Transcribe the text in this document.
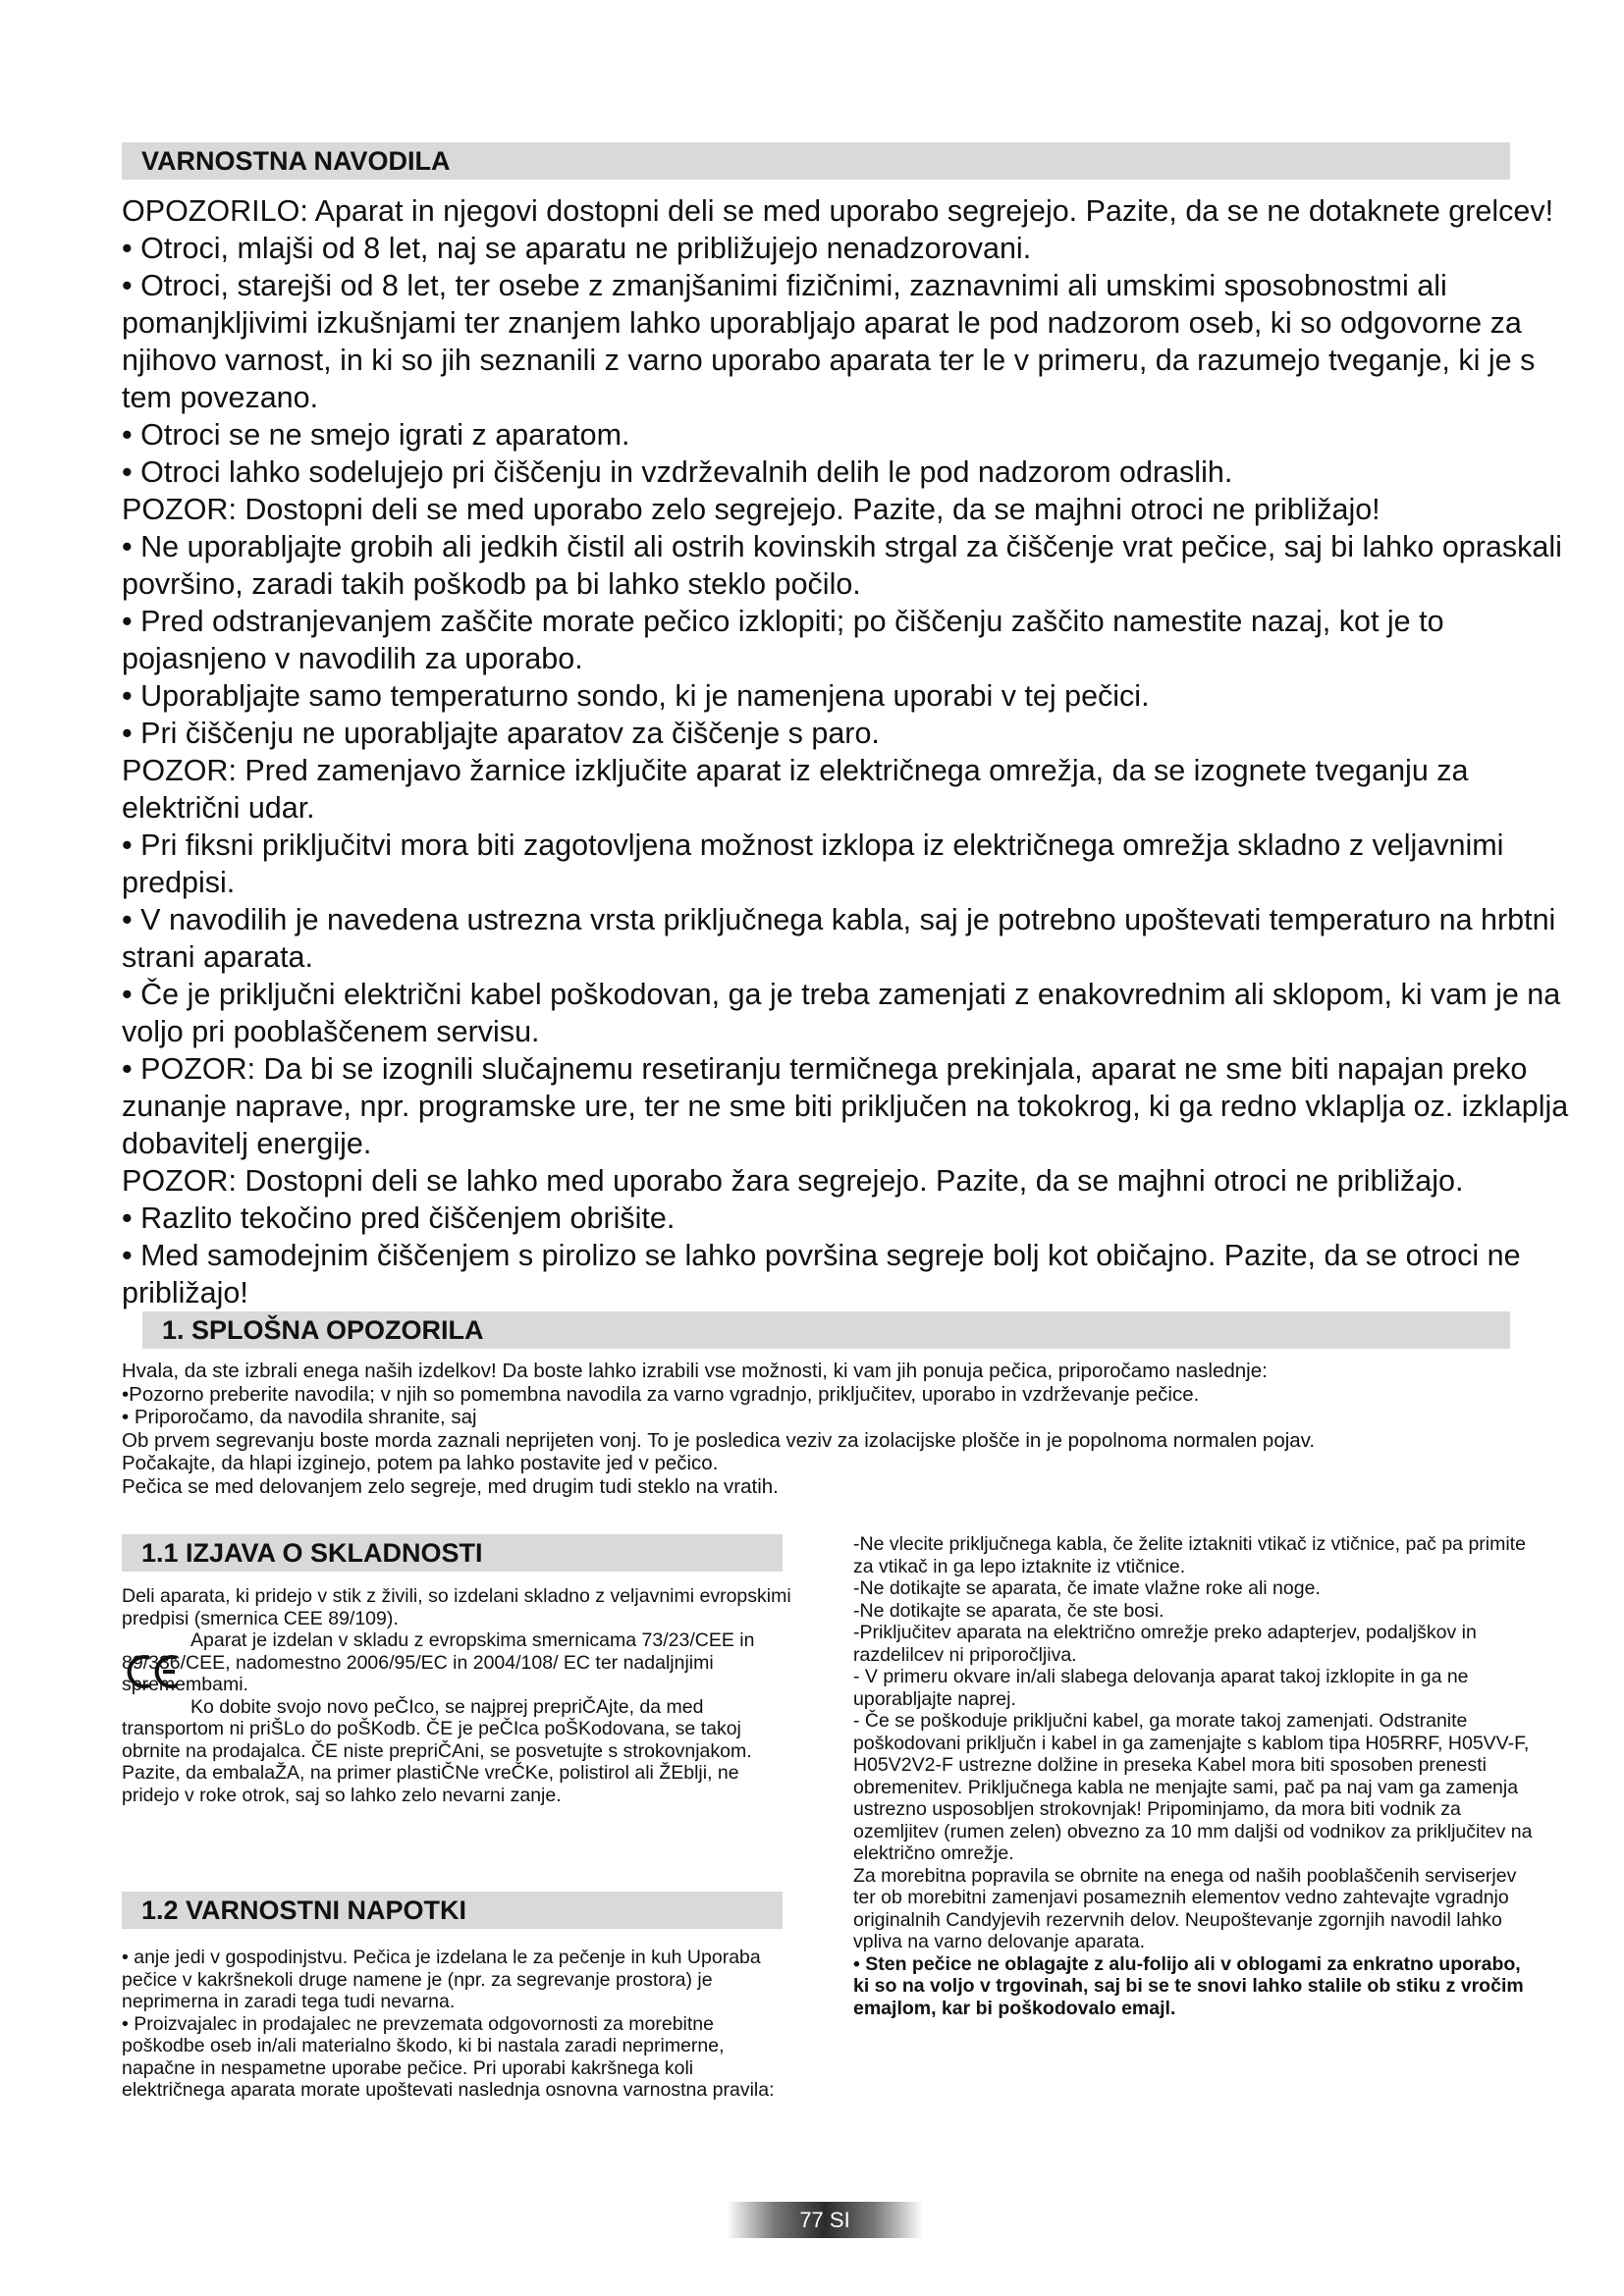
VARNOSTNA NAVODILA

OPOZORILO: Aparat in njegovi dostopni deli se med uporabo segrejejo. Pazite, da se ne dotaknete grelcev!

• Otroci, mlajši od 8 let, naj se aparatu ne približujejo nenadzorovani.

• Otroci, starejši od 8 let, ter osebe z zmanjšanimi fizičnimi, zaznavnimi ali umskimi sposobnostmi ali pomanjkljivimi izkušnjami ter znanjem lahko uporabljajo aparat le pod nadzorom oseb, ki so odgovorne za njihovo varnost, in ki so jih seznanili z varno uporabo aparata ter le v primeru, da razumejo tveganje, ki je s tem povezano.

• Otroci se ne smejo igrati z aparatom.

• Otroci lahko sodelujejo pri čiščenju in vzdrževalnih delih le pod nadzorom odraslih.

POZOR: Dostopni deli se med uporabo zelo segrejejo. Pazite, da se majhni otroci ne približajo!

• Ne uporabljajte grobih ali jedkih čistil ali ostrih kovinskih strgal za čiščenje vrat pečice, saj bi lahko opraskali površino, zaradi takih poškodb pa bi lahko steklo počilo.

• Pred odstranjevanjem zaščite morate pečico izklopiti; po čiščenju zaščito namestite nazaj, kot je to pojasnjeno v navodilih za uporabo.

• Uporabljajte samo temperaturno sondo, ki je namenjena uporabi v tej pečici.

• Pri čiščenju ne uporabljajte aparatov za čiščenje s paro.

POZOR: Pred zamenjavo žarnice izključite aparat iz električnega omrežja, da se izognete tveganju za električni udar.

• Pri fiksni priključitvi mora biti zagotovljena možnost izklopa iz električnega omrežja skladno z veljavnimi predpisi.

• V navodilih je navedena ustrezna vrsta priključnega kabla, saj je potrebno upoštevati temperaturo na hrbtni strani aparata.

• Če je priključni električni kabel poškodovan, ga je treba zamenjati z enakovrednim ali sklopom, ki vam je na voljo pri pooblaščenem servisu.

• POZOR: Da bi se izognili slučajnemu resetiranju termičnega prekinjala, aparat ne sme biti napajan preko zunanje naprave, npr. programske ure, ter ne sme biti priključen na tokokrog, ki ga redno vklaplja oz. izklaplja dobavitelj energije.

POZOR: Dostopni deli se lahko med uporabo žara segrejejo. Pazite, da se majhni otroci ne približajo.

• Razlito tekočino pred čiščenjem obrišite.

• Med samodejnim čiščenjem s pirolizo se lahko površina segreje bolj kot običajno. Pazite, da se otroci ne približajo!

1. SPLOŠNA OPOZORILA

Hvala, da ste izbrali enega naših izdelkov! Da boste lahko izrabili vse možnosti, ki vam jih ponuja pečica, priporočamo naslednje:

•Pozorno preberite navodila; v njih so pomembna navodila za varno vgradnjo, priključitev, uporabo in vzdrževanje pečice.

• Priporočamo, da navodila shranite, saj

Ob prvem segrevanju boste morda zaznali neprijeten vonj. To je posledica veziv za izolacijske plošče in je popolnoma normalen pojav.

Počakajte, da hlapi izginejo, potem pa lahko postavite jed v pečico.

Pečica se med delovanjem zelo segreje, med drugim tudi steklo na vratih.

1.1 IZJAVA O SKLADNOSTI

Deli aparata, ki pridejo v stik z živili, so izdelani skladno z veljavnimi evropskimi predpisi (smernica CEE 89/109).

Aparat je izdelan v skladu z evropskima smernicama 73/23/CEE in 89/336/CEE, nadomestno 2006/95/EC in 2004/108/ EC ter nadaljnjimi spremembami.

Ko dobite svojo novo peČIco, se najprej prepriČAjte, da med transportom ni priŠLo do poŠKodb. ČE je peČIca poŠKodovana, se takoj obrnite na prodajalca. ČE niste prepriČAni, se posvetujte s strokovnjakom. Pazite, da embalaŽA, na primer plastiČNe vreČKe, polistirol ali ŽEblji, ne pridejo v roke otrok, saj so lahko zelo nevarni zanje.

1.2 VARNOSTNI NAPOTKI

• anje jedi v gospodinjstvu. Pečica je izdelana le za pečenje in kuh Uporaba pečice v kakršnekoli druge namene je (npr. za segrevanje prostora) je neprimerna in zaradi tega tudi nevarna.

• Proizvajalec in prodajalec ne prevzemata odgovornosti za morebitne poškodbe oseb in/ali materialno škodo, ki bi nastala zaradi neprimerne, napačne in nespametne uporabe pečice. Pri uporabi kakršnega koli električnega aparata morate upoštevati naslednja osnovna varnostna pravila:

-Ne vlecite priključnega kabla, če želite iztakniti vtikač iz vtičnice, pač pa primite za vtikač in ga lepo iztaknite iz vtičnice.

-Ne dotikajte se aparata, če imate vlažne roke ali noge.

-Ne dotikajte se aparata, če ste bosi.

-Priključitev aparata na električno omrežje preko adapterjev, podaljškov in razdelilcev ni priporočljiva.

- V primeru okvare in/ali slabega delovanja aparat takoj izklopite in ga ne uporabljajte naprej.

- Če se poškoduje priključni kabel, ga morate takoj zamenjati. Odstranite poškodovani priključn i kabel in ga zamenjajte s kablom tipa H05RRF, H05VV-F, H05V2V2-F ustrezne dolžine in preseka Kabel mora biti sposoben prenesti obremenitev. Priključnega kabla ne menjajte sami, pač pa naj vam ga zamenja ustrezno usposobljen strokovnjak! Pripominjamo, da mora biti vodnik za ozemljitev (rumen zelen) obvezno za 10 mm daljši od vodnikov za priključitev na električno omrežje.

Za morebitna popravila se obrnite na enega od naših pooblaščenih serviserjev ter ob morebitni zamenjavi posameznih elementov vedno zahtevajte vgradnjo originalnih Candyjevih rezervnih delov. Neupoštevanje zgornjih navodil lahko vpliva na varno delovanje aparata.

• Sten pečice ne oblagajte z alu-folijo ali v oblogami za enkratno uporabo, ki so na voljo v trgovinah, saj bi se te snovi lahko stalile ob stiku z vročim emajlom, kar bi poškodovalo emajl.

77 SI
